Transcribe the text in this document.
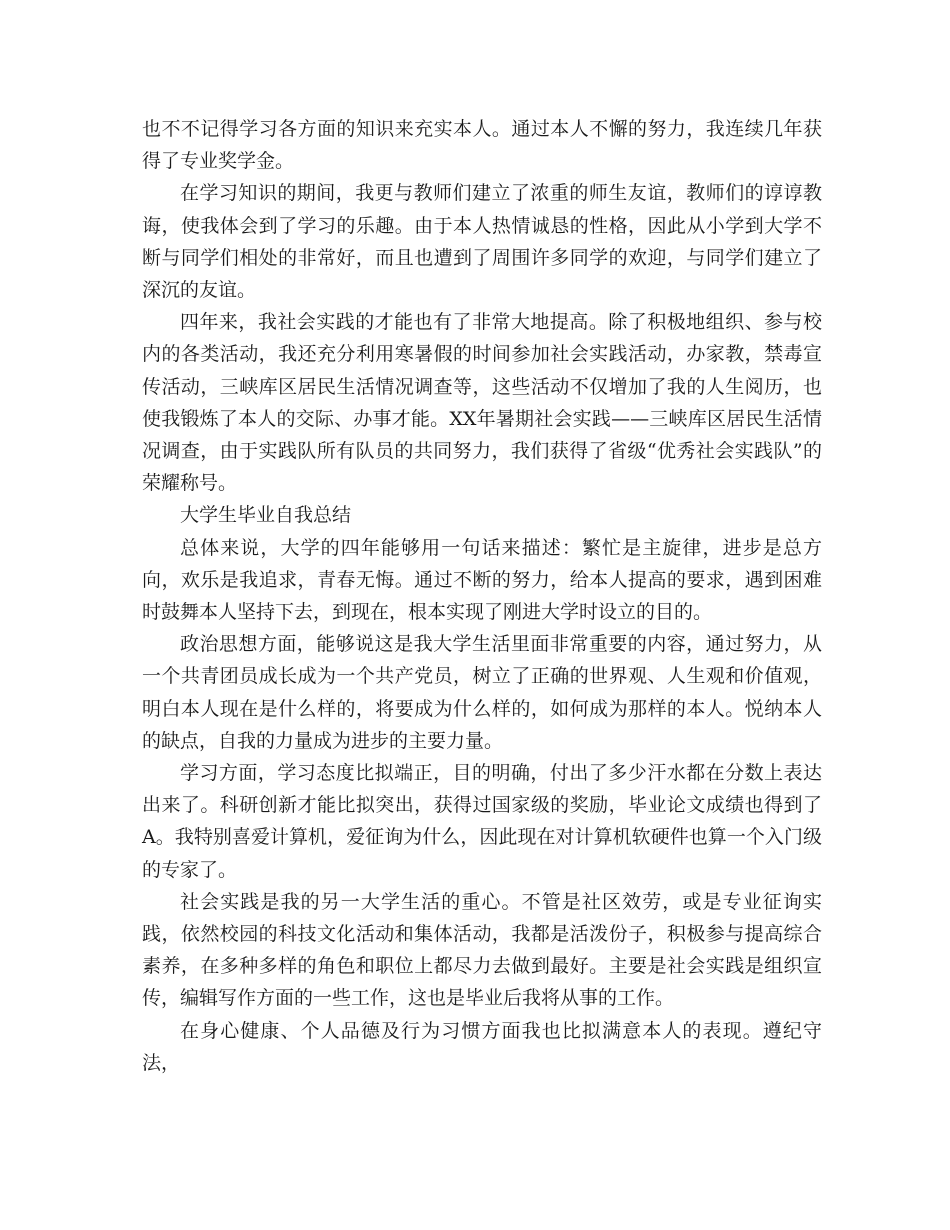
也不不记得学习各方面的知识来充实本人。通过本人不懈的努力，我连续几年获得了专业奖学金。

在学习知识的期间，我更与教师们建立了浓重的师生友谊，教师们的谆谆教诲，使我体会到了学习的乐趣。由于本人热情诚恳的性格，因此从小学到大学不断与同学们相处的非常好，而且也遭到了周围许多同学的欢迎，与同学们建立了深沉的友谊。

四年来，我社会实践的才能也有了非常大地提高。除了积极地组织、参与校内的各类活动，我还充分利用寒暑假的时间参加社会实践活动，办家教，禁毒宣传活动，三峡库区居民生活情况调查等，这些活动不仅增加了我的人生阅历，也使我锻炼了本人的交际、办事才能。XX年暑期社会实践——三峡库区居民生活情况调查，由于实践队所有队员的共同努力，我们获得了省级“优秀社会实践队”的荣耀称号。

大学生毕业自我总结

总体来说，大学的四年能够用一句话来描述：繁忙是主旋律，进步是总方向，欢乐是我追求，青春无悔。通过不断的努力，给本人提高的要求，遇到困难时鼓舞本人坚持下去，到现在，根本实现了刚进大学时设立的目的。

政治思想方面，能够说这是我大学生活里面非常重要的内容，通过努力，从一个共青团员成长成为一个共产党员，树立了正确的世界观、人生观和价值观，明白本人现在是什么样的，将要成为什么样的，如何成为那样的本人。悦纳本人的缺点，自我的力量成为进步的主要力量。

学习方面，学习态度比拟端正，目的明确，付出了多少汗水都在分数上表达出来了。科研创新才能比拟突出，获得过国家级的奖励，毕业论文成绩也得到了A。我特别喜爱计算机，爱征询为什么，因此现在对计算机软硬件也算一个入门级的专家了。

社会实践是我的另一大学生活的重心。不管是社区效劳，或是专业征询实践，依然校园的科技文化活动和集体活动，我都是活泼份子，积极参与提高综合素养，在多种多样的角色和职位上都尽力去做到最好。主要是社会实践是组织宣传，编辑写作方面的一些工作，这也是毕业后我将从事的工作。

在身心健康、个人品德及行为习惯方面我也比拟满意本人的表现。遵纪守法，
